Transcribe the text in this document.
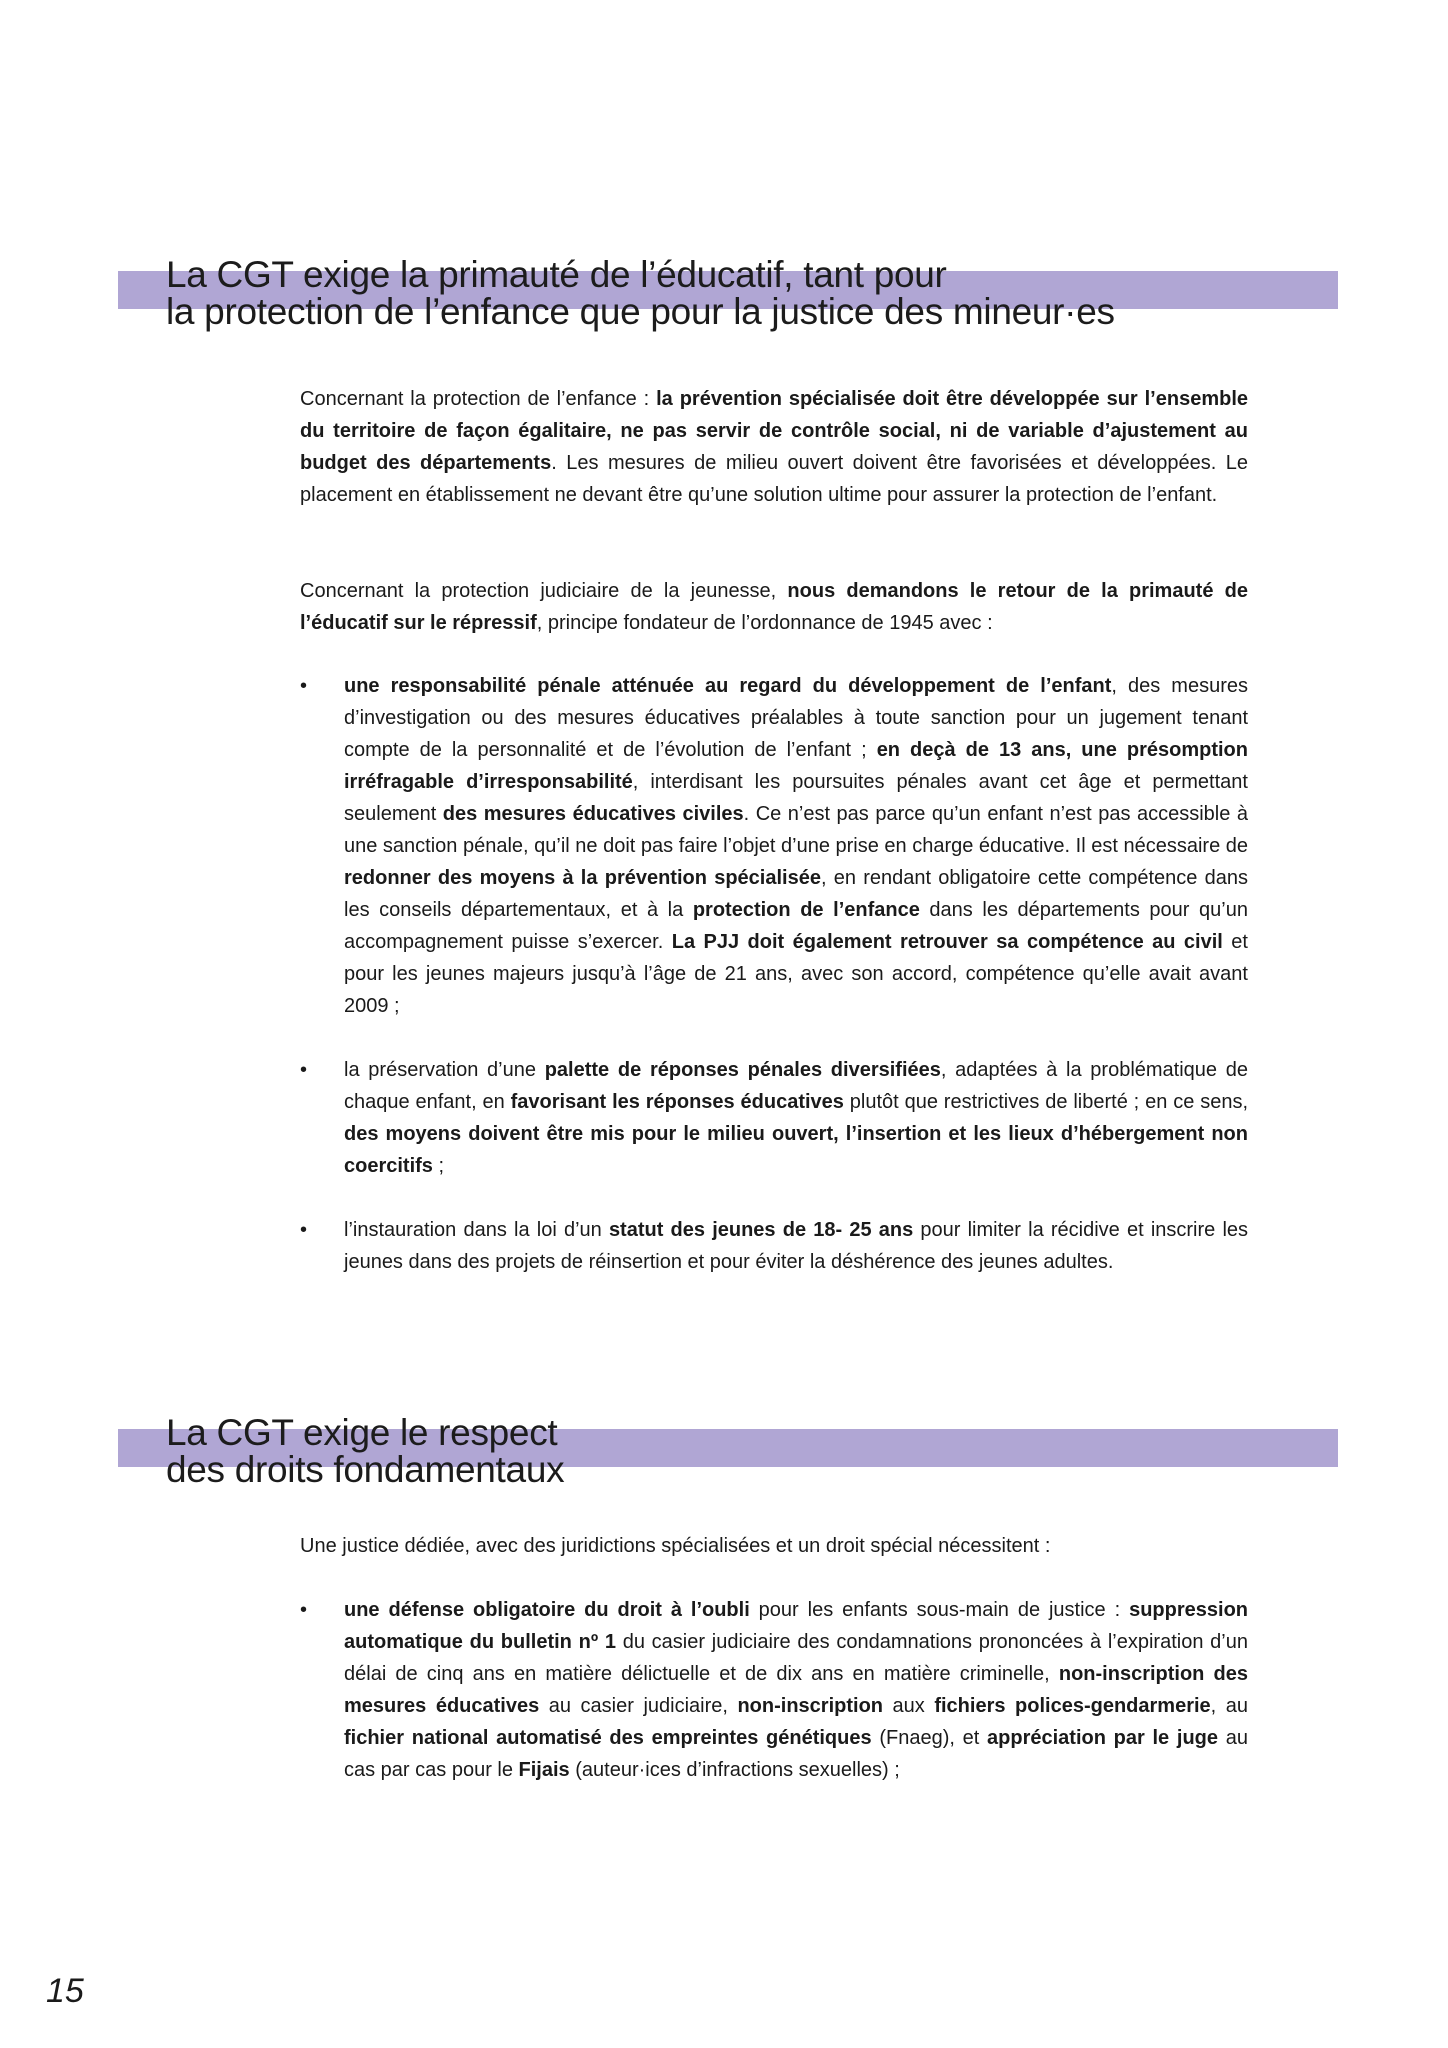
La CGT exige la primauté de l’éducatif, tant pour
la protection de l’enfance que pour la justice des mineur·es

Concernant la protection de l’enfance : la prévention spécialisée doit être développée sur l’ensemble du territoire de façon égalitaire, ne pas servir de contrôle social, ni de variable d’ajustement au budget des départements. Les mesures de milieu ouvert doivent être favorisées et développées. Le placement en établissement ne devant être qu’une solution ultime pour assurer la protection de l’enfant.

Concernant la protection judiciaire de la jeunesse, nous demandons le retour de la primauté de l’éducatif sur le répressif, principe fondateur de l’ordonnance de 1945 avec :

•	une responsabilité pénale atténuée au regard du développement de l’enfant, des mesures d’investigation ou des mesures éducatives préalables à toute sanction pour un jugement tenant compte de la personnalité et de l’évolution de l’enfant ; en deçà de 13 ans, une présomption irréfragable d’irresponsabilité, interdisant les poursuites pénales avant cet âge et permettant seulement des mesures éducatives civiles. Ce n’est pas parce qu’un enfant n’est pas accessible à une sanction pénale, qu’il ne doit pas faire l’objet d’une prise en charge éducative. Il est nécessaire de redonner des moyens à la prévention spécialisée, en rendant obligatoire cette compétence dans les conseils départementaux, et à la protection de l’enfance dans les départements pour qu’un accompagnement puisse s’exercer. La PJJ doit également retrouver sa compétence au civil et pour les jeunes majeurs jusqu’à l’âge de 21 ans, avec son accord, compétence qu’elle avait avant 2009 ;
•	la préservation d’une palette de réponses pénales diversifiées, adaptées à la problématique de chaque enfant, en favorisant les réponses éducatives plutôt que restrictives de liberté ; en ce sens, des moyens doivent être mis pour le milieu ouvert, l’insertion et les lieux d’hébergement non coercitifs ;
•	l’instauration dans la loi d’un statut des jeunes de 18- 25 ans pour limiter la récidive et inscrire les jeunes dans des projets de réinsertion et pour éviter la déshérence des jeunes adultes.
La CGT exige le respect
des droits fondamentaux

Une justice dédiée, avec des juridictions spécialisées et un droit spécial nécessitent :

•	une défense obligatoire du droit à l’oubli pour les enfants sous-main de justice : suppression automatique du bulletin nº 1 du casier judiciaire des condamnations prononcées à l’expiration d’un délai de cinq ans en matière délictuelle et de dix ans en matière criminelle, non-inscription des mesures éducatives au casier judiciaire, non-inscription aux fichiers polices-gendarmerie, au fichier national automatisé des empreintes génétiques (Fnaeg), et appréciation par le juge au cas par cas pour le Fijais (auteur·ices d’infractions sexuelles) ;

15
